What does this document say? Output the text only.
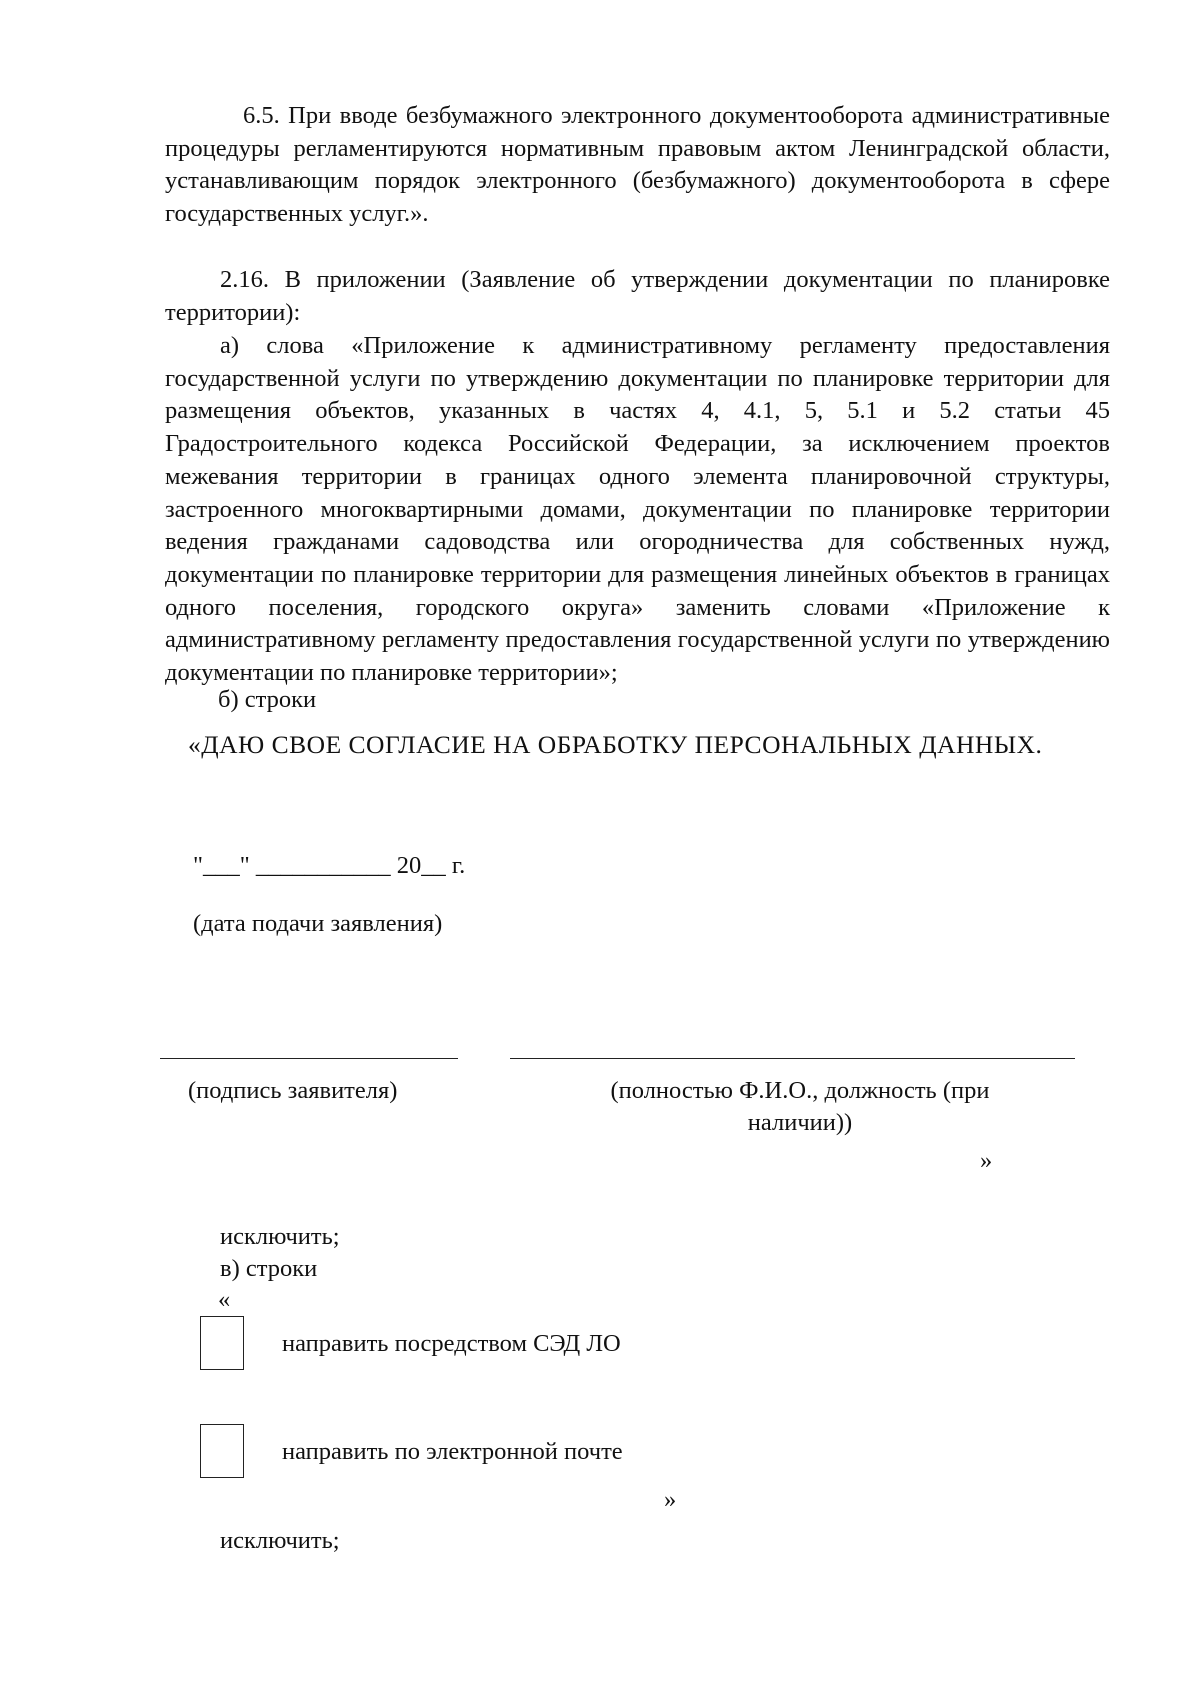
6.5. При вводе безбумажного электронного документооборота административные процедуры регламентируются нормативным правовым актом Ленинградской области, устанавливающим порядок электронного (безбумажного) документооборота в сфере государственных услуг.».

2.16. В приложении (Заявление об утверждении документации по планировке территории):

а) слова «Приложение к административному регламенту предоставления государственной услуги по утверждению документации по планировке территории для размещения объектов, указанных в частях 4, 4.1, 5, 5.1 и 5.2 статьи 45 Градостроительного кодекса Российской Федерации, за исключением проектов межевания территории в границах одного элемента планировочной структуры, застроенного многоквартирными домами, документации по планировке территории ведения гражданами садоводства или огородничества для собственных нужд, документации по планировке территории для размещения линейных объектов в границах одного поселения, городского округа» заменить словами «Приложение к административному регламенту предоставления государственной услуги по утверждению документации по планировке территории»;

б) строки

«ДАЮ СВОЕ СОГЛАСИЕ НА ОБРАБОТКУ ПЕРСОНАЛЬНЫХ ДАННЫХ.

"___" ___________ 20__ г.

(дата подачи заявления)

(подпись заявителя)	(полностью Ф.И.О., должность (при

наличии))

»

исключить;

в) строки

«

направить посредством СЭД ЛО

направить по электронной почте

»

исключить;
